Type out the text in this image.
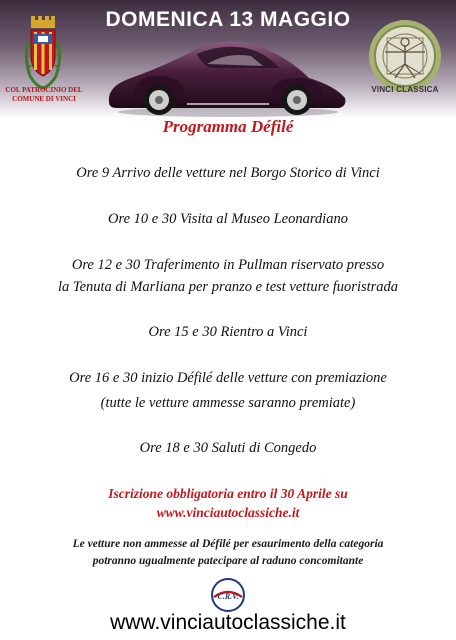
DOMENICA 13 MAGGIO
COL PATROCINIO DEL
COMUNE DI VINCI
VINCI CLASSICA
Programma Défilé
Ore 9 Arrivo delle vetture nel Borgo Storico di Vinci
Ore 10 e 30 Visita al Museo Leonardiano
Ore 12 e 30 Traferimento in Pullman riservato presso
la Tenuta di Marliana per pranzo e test vetture fuoristrada
Ore 15 e 30 Rientro a Vinci
Ore 16 e 30 inizio Défilé delle vetture con premiazione
(tutte le vetture ammesse saranno premiate)
Ore 18 e 30 Saluti di Congedo
Iscrizione obbligatoria entro il 30 Aprile su
www.vinciautoclassiche.it
Le vetture non ammesse al Défilé per esaurimento della categoria
potranno ugualmente patecipare al raduno concomitante
C.R.V.
www.vinciautoclassiche.it
